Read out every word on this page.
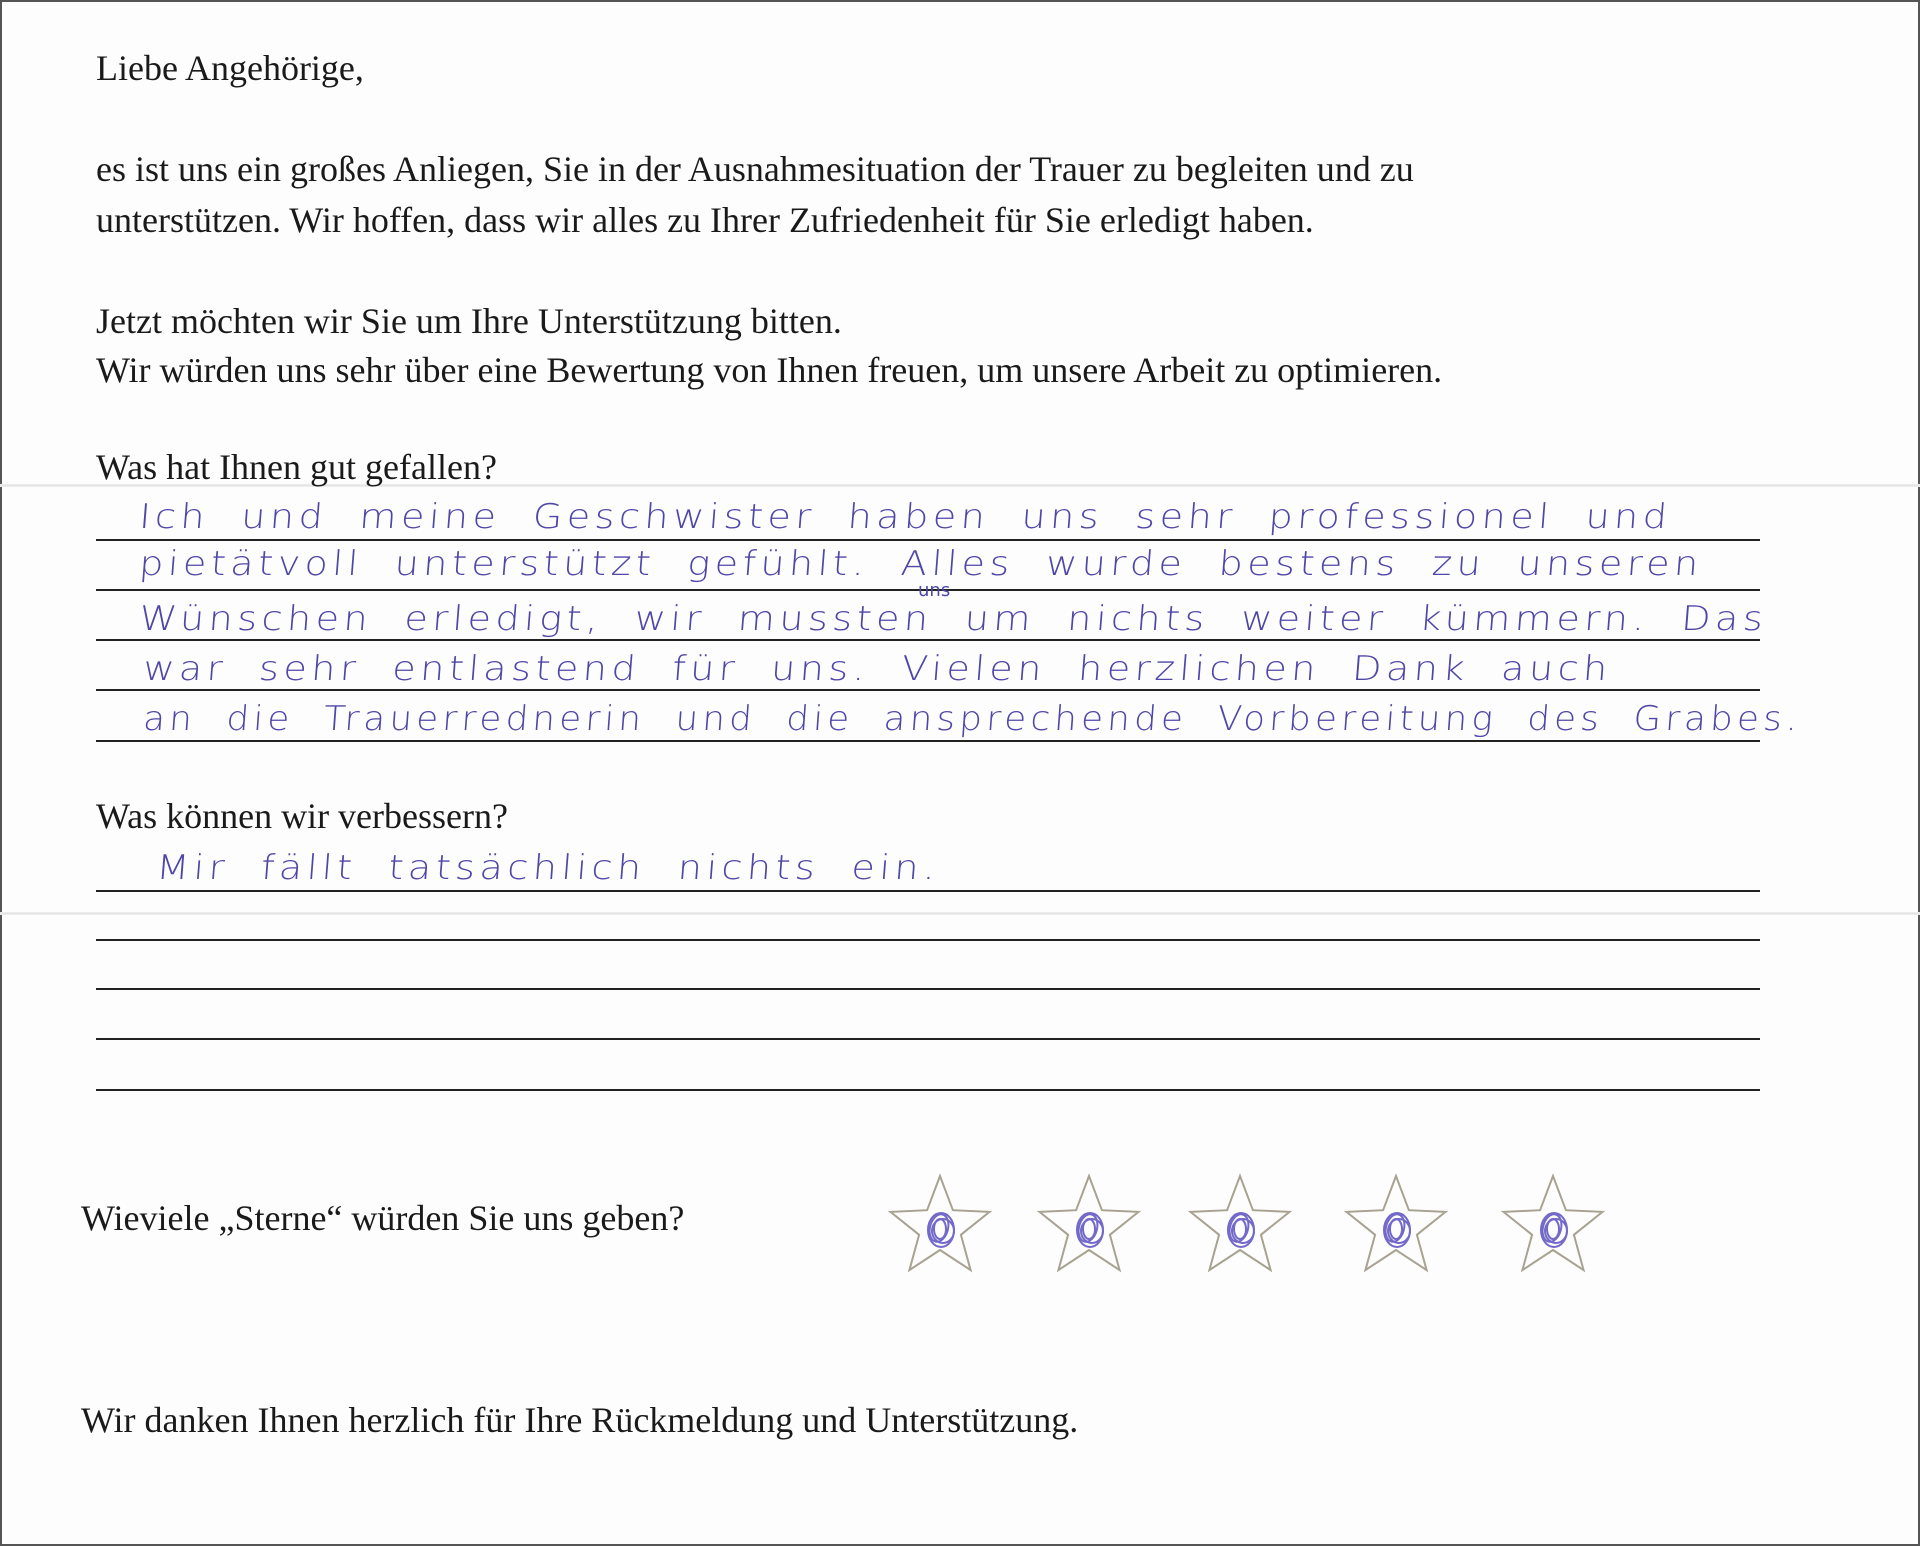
Liebe Angehörige,
es ist uns ein großes Anliegen, Sie in der Ausnahmesituation der Trauer zu begleiten und zu
unterstützen. Wir hoffen, dass wir alles zu Ihrer Zufriedenheit für Sie erledigt haben.
Jetzt möchten wir Sie um Ihre Unterstützung bitten.
Wir würden uns sehr über eine Bewertung von Ihnen freuen, um unsere Arbeit zu optimieren.
Was hat Ihnen gut gefallen?
Ich und meine Geschwister haben uns sehr professionel und
pietätvoll unterstützt gefühlt. Alles wurde bestens zu unseren
uns
Wünschen erledigt, wir mussten um nichts weiter kümmern. Das
war sehr entlastend für uns. Vielen herzlichen Dank auch
an die Trauerrednerin und die ansprechende Vorbereitung des Grabes.
Was können wir verbessern?
Mir fällt tatsächlich nichts ein.
Wieviele „Sterne“ würden Sie uns geben?
Wir danken Ihnen herzlich für Ihre Rückmeldung und Unterstützung.
